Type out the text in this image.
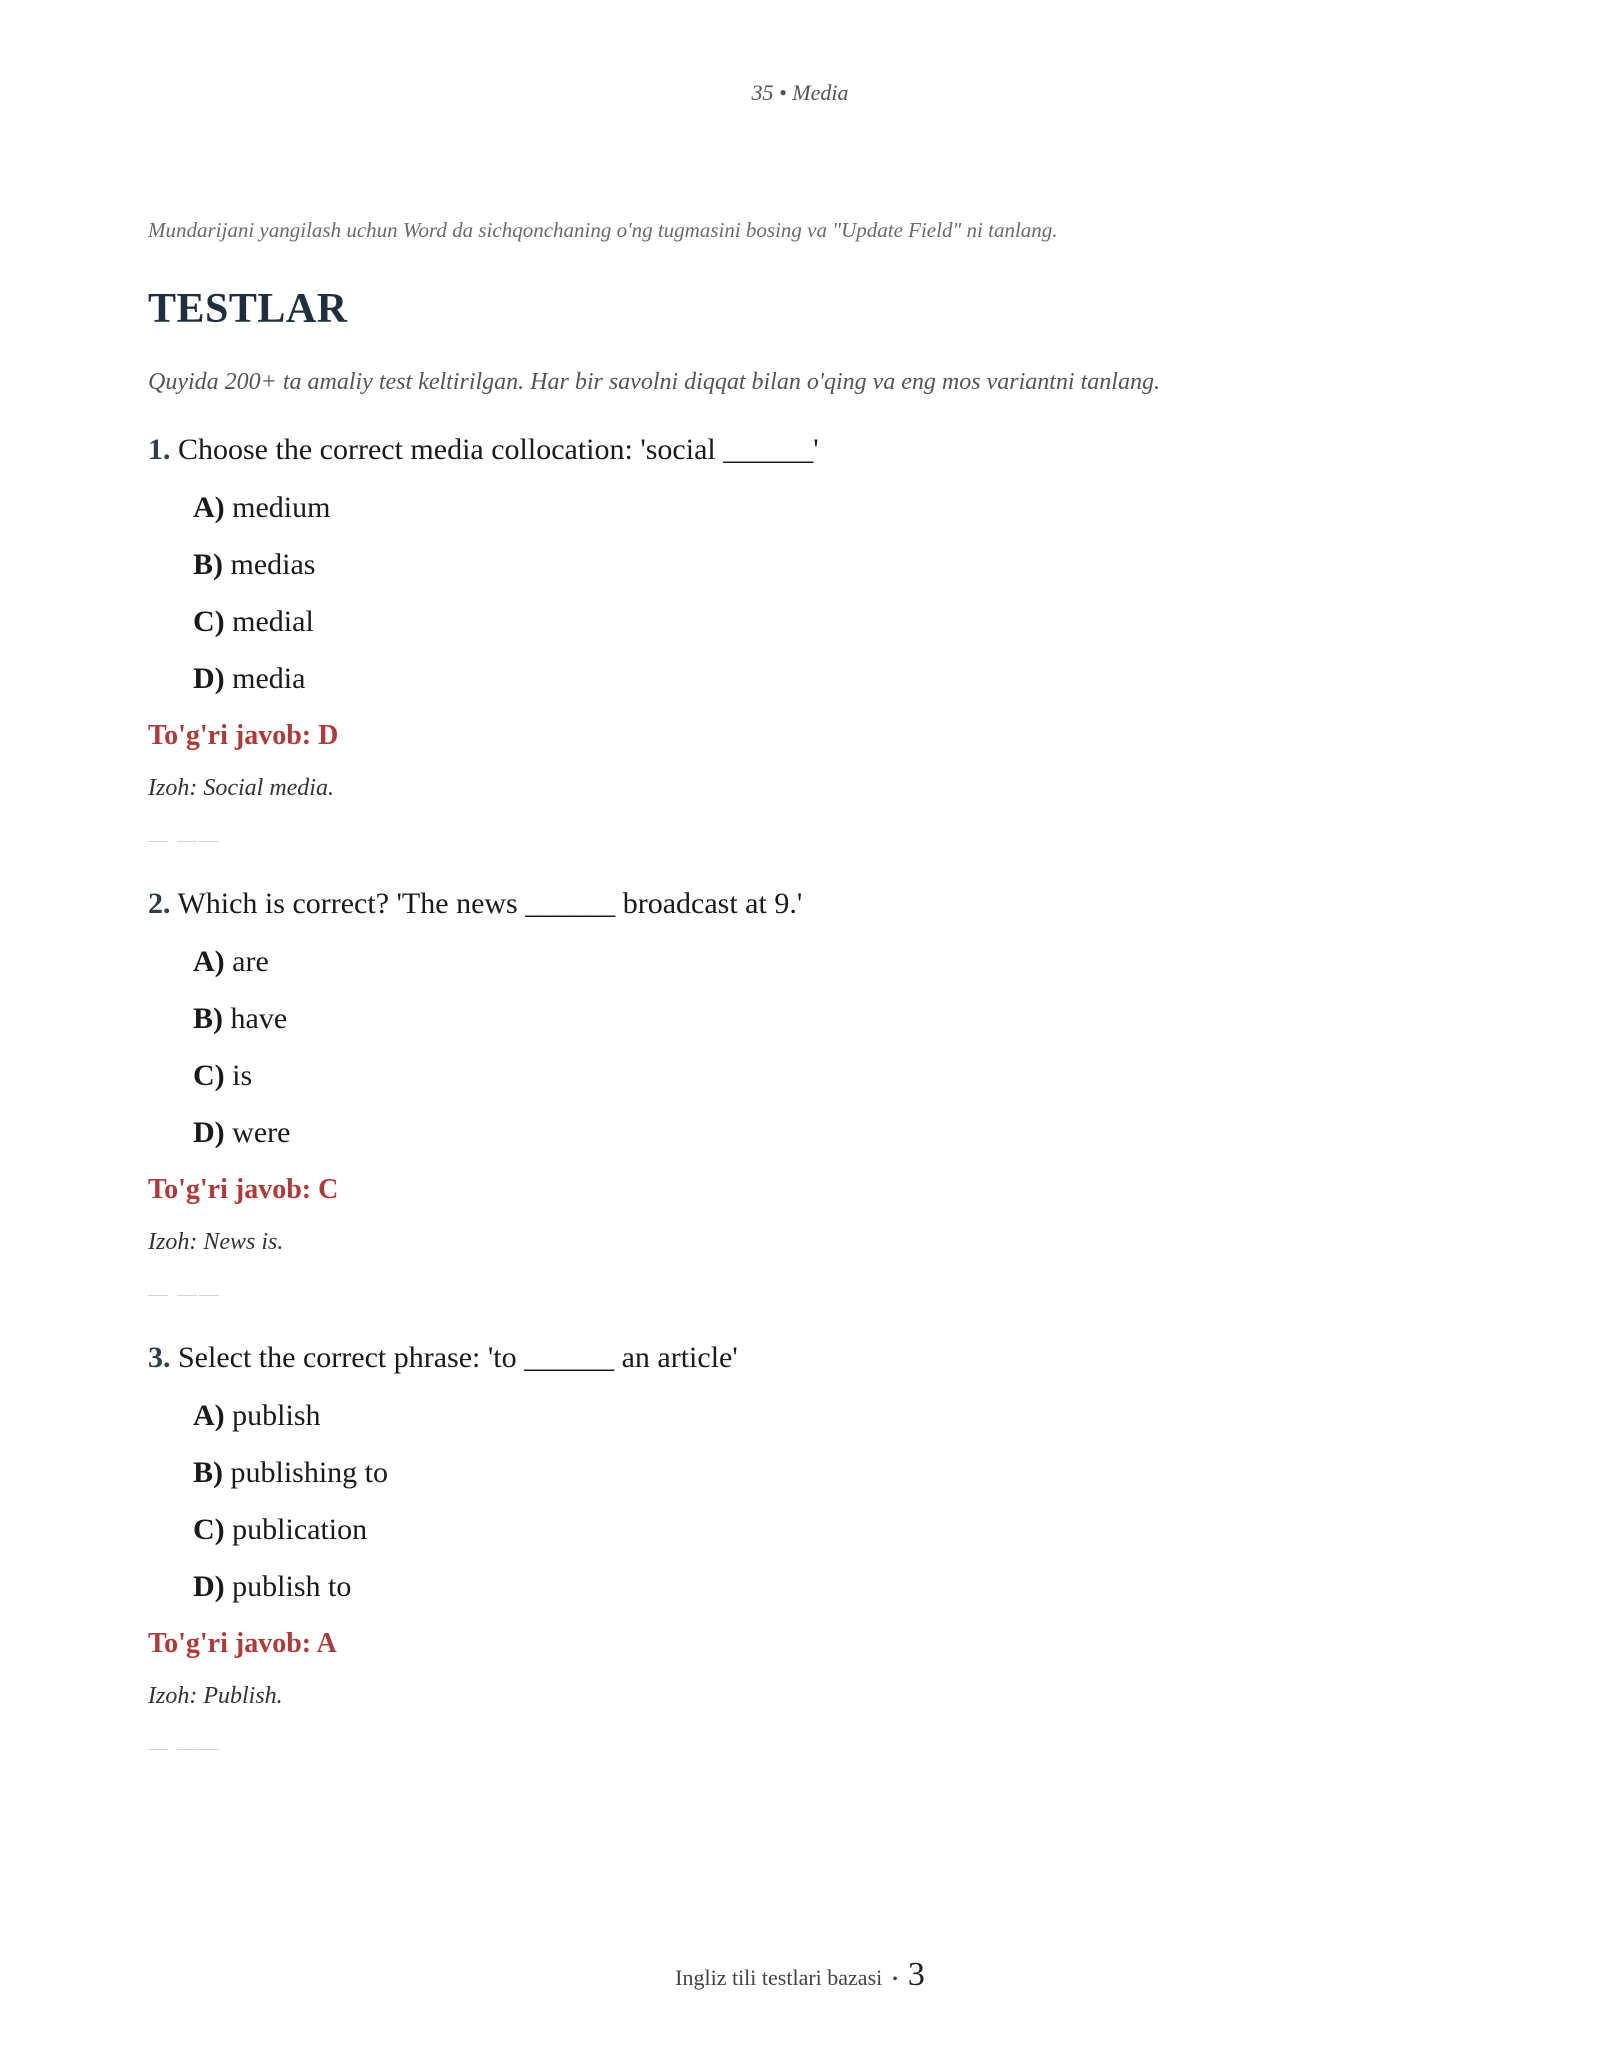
35 • Media

Mundarijani yangilash uchun Word da sichqonchaning o'ng tugmasini bosing va "Update Field" ni tanlang.

TESTLAR

Quyida 200+ ta amaliy test keltirilgan. Har bir savolni diqqat bilan o'qing va eng mos variantni tanlang.

1. Choose the correct media collocation: 'social ______'

A) medium
B) medias
C) medial
D) media

To'g'ri javob: D

Izoh: Social media.

— ——

2. Which is correct? 'The news ______ broadcast at 9.'

A) are
B) have
C) is
D) were

To'g'ri javob: C

Izoh: News is.

— ——

3. Select the correct phrase: 'to ______ an article'

A) publish
B) publishing to
C) publication
D) publish to

To'g'ri javob: A

Izoh: Publish.

— ——
Ingliz tili testlari bazasi • 3
